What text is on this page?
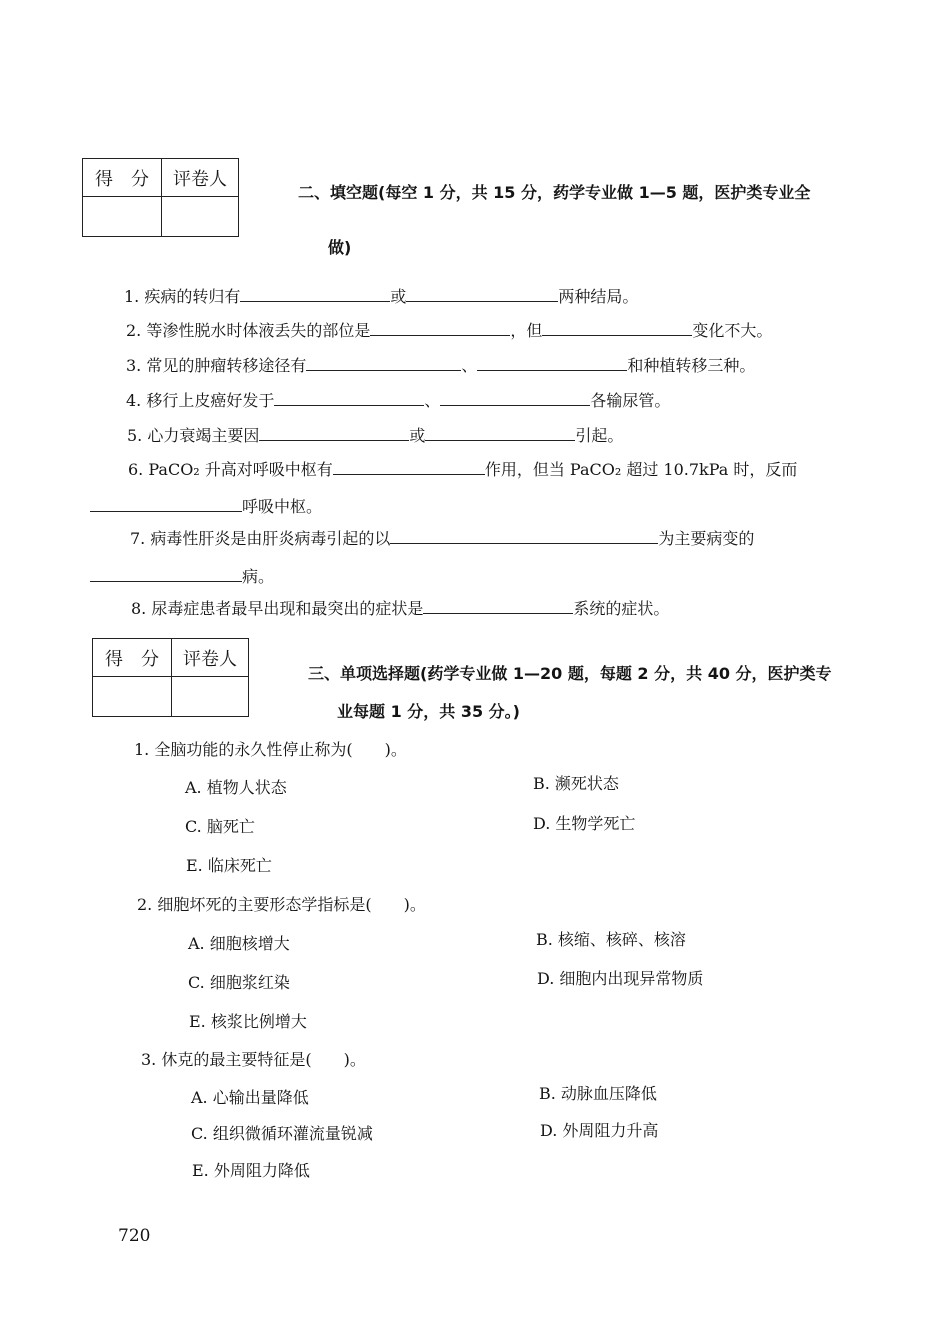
得　分	评卷人

二、填空题(每空 1 分，共 15 分，药学专业做 1—5 题，医护类专业全
做)
1. 疾病的转归有	或	两种结局。
2. 等渗性脱水时体液丢失的部位是	，但	变化不大。
3. 常见的肿瘤转移途径有	、	和种植转移三种。
4. 移行上皮癌好发于	、	各输尿管。
5. 心力衰竭主要因	或	引起。
6. PaCO₂ 升高对呼吸中枢有	作用，但当 PaCO₂ 超过 10.7kPa 时，反而
呼吸中枢。
7. 病毒性肝炎是由肝炎病毒引起的以	为主要病变的
病。
8. 尿毒症患者最早出现和最突出的症状是	系统的症状。
得　分	评卷人

三、单项选择题(药学专业做 1—20 题，每题 2 分，共 40 分，医护类专
业每题 1 分，共 35 分。)
1. 全脑功能的永久性停止称为(　　)。
A. 植物人状态	B. 濒死状态
C. 脑死亡	D. 生物学死亡
E. 临床死亡
2. 细胞坏死的主要形态学指标是(　　)。
A. 细胞核增大	B. 核缩、核碎、核溶
C. 细胞浆红染	D. 细胞内出现异常物质
E. 核浆比例增大
3. 休克的最主要特征是(　　)。
A. 心输出量降低	B. 动脉血压降低
C. 组织微循环灌流量锐减	D. 外周阻力升高
E. 外周阻力降低
720
